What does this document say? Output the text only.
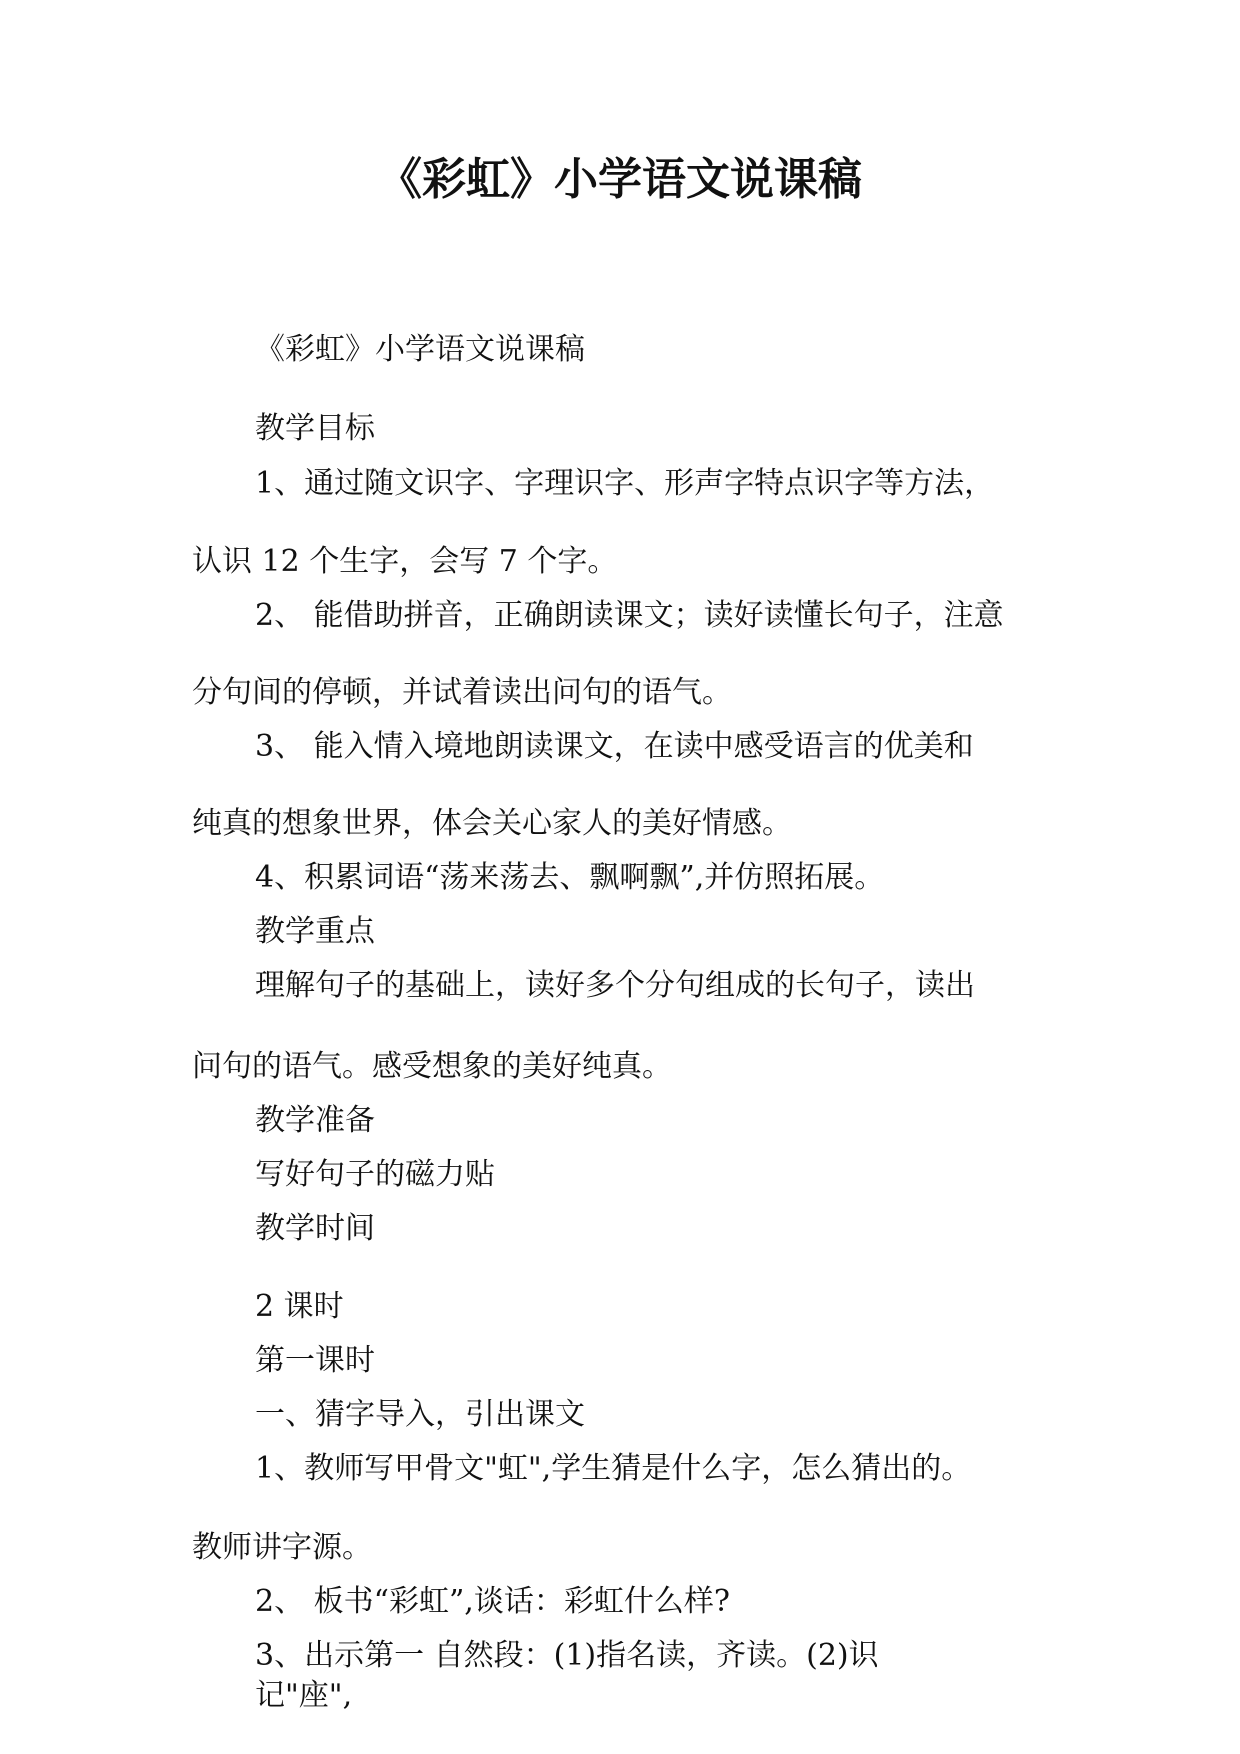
《彩虹》小学语文说课稿

《彩虹》小学语文说课稿

教学目标

1、通过随文识字、字理识字、形声字特点识字等方法，

认识 12 个生字，会写 7 个字。

2、 能借助拼音，正确朗读课文；读好读懂长句子，注意

分句间的停顿，并试着读出问句的语气。

3、 能入情入境地朗读课文，在读中感受语言的优美和

纯真的想象世界，体会关心家人的美好情感。

4、积累词语“荡来荡去、飘啊飘”,并仿照拓展。

教学重点

理解句子的基础上，读好多个分句组成的长句子，读出

问句的语气。感受想象的美好纯真。

教学准备

写好句子的磁力贴

教学时间

2 课时

第一课时

一、猜字导入，引出课文

1、教师写甲骨文"虹",学生猜是什么字，怎么猜出的。

教师讲字源。

2、 板书“彩虹”,谈话：彩虹什么样?

3、出示第一 自然段：(1)指名读，齐读。(2)识

记"座",
